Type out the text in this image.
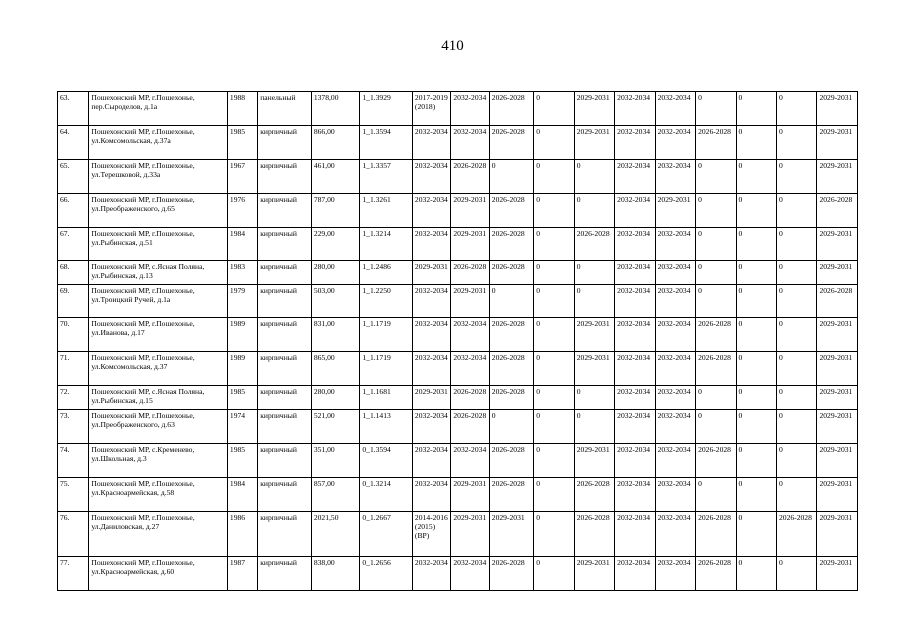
410
63.	Пошехонский МР, г.Пошехонье, пер.Сыроделов, д.1а	1988	панельный	1378,00	1_1.3929	2017-2019 (2018)	2032-2034	2026-2028	0	2029-2031	2032-2034	2032-2034	0	0	0	2029-2031
64.	Пошехонский МР, г.Пошехонье, ул.Комсомольская, д.37а	1985	кирпичный	866,00	1_1.3594	2032-2034	2032-2034	2026-2028	0	2029-2031	2032-2034	2032-2034	2026-2028	0	0	2029-2031
65.	Пошехонский МР, г.Пошехонье, ул.Терешковой, д.33а	1967	кирпичный	461,00	1_1.3357	2032-2034	2026-2028	0	0	0	2032-2034	2032-2034	0	0	0	2029-2031
66.	Пошехонский МР, г.Пошехонье, ул.Преображенского, д.65	1976	кирпичный	787,00	1_1.3261	2032-2034	2029-2031	2026-2028	0	0	2032-2034	2029-2031	0	0	0	2026-2028
67.	Пошехонский МР, г.Пошехонье, ул.Рыбинская, д.51	1984	кирпичный	229,00	1_1.3214	2032-2034	2029-2031	2026-2028	0	2026-2028	2032-2034	2032-2034	0	0	0	2029-2031
68.	Пошехонский МР, с.Ясная Поляна, ул.Рыбинская, д.13	1983	кирпичный	280,00	1_1.2486	2029-2031	2026-2028	2026-2028	0	0	2032-2034	2032-2034	0	0	0	2029-2031
69.	Пошехонский МР, г.Пошехонье, ул.Троицкий Ручей, д.1а	1979	кирпичный	503,00	1_1.2250	2032-2034	2029-2031	0	0	0	2032-2034	2032-2034	0	0	0	2026-2028
70.	Пошехонский МР, г.Пошехонье, ул.Иванова, д.17	1989	кирпичный	831,00	1_1.1719	2032-2034	2032-2034	2026-2028	0	2029-2031	2032-2034	2032-2034	2026-2028	0	0	2029-2031
71.	Пошехонский МР, г.Пошехонье, ул.Комсомольская, д.37	1989	кирпичный	865,00	1_1.1719	2032-2034	2032-2034	2026-2028	0	2029-2031	2032-2034	2032-2034	2026-2028	0	0	2029-2031
72.	Пошехонский МР, с.Ясная Поляна, ул.Рыбинская, д.15	1985	кирпичный	280,00	1_1.1681	2029-2031	2026-2028	2026-2028	0	0	2032-2034	2032-2034	0	0	0	2029-2031
73.	Пошехонский МР, г.Пошехонье, ул.Преображенского, д.63	1974	кирпичный	521,00	1_1.1413	2032-2034	2026-2028	0	0	0	2032-2034	2032-2034	0	0	0	2029-2031
74.	Пошехонский МР, с.Кременево, ул.Школьная, д.3	1985	кирпичный	351,00	0_1.3594	2032-2034	2032-2034	2026-2028	0	2029-2031	2032-2034	2032-2034	2026-2028	0	0	2029-2031
75.	Пошехонский МР, г.Пошехонье, ул.Красноармейская, д.58	1984	кирпичный	857,00	0_1.3214	2032-2034	2029-2031	2026-2028	0	2026-2028	2032-2034	2032-2034	0	0	0	2029-2031
76.	Пошехонский МР, г.Пошехонье, ул.Даниловская, д.27	1986	кирпичный	2021,50	0_1.2667	2014-2016 (2015) (ВР)	2029-2031	2029-2031	0	2026-2028	2032-2034	2032-2034	2026-2028	0	2026-2028	2029-2031
77.	Пошехонский МР, г.Пошехонье, ул.Красноармейская, д.60	1987	кирпичный	838,00	0_1.2656	2032-2034	2032-2034	2026-2028	0	2029-2031	2032-2034	2032-2034	2026-2028	0	0	2029-2031
